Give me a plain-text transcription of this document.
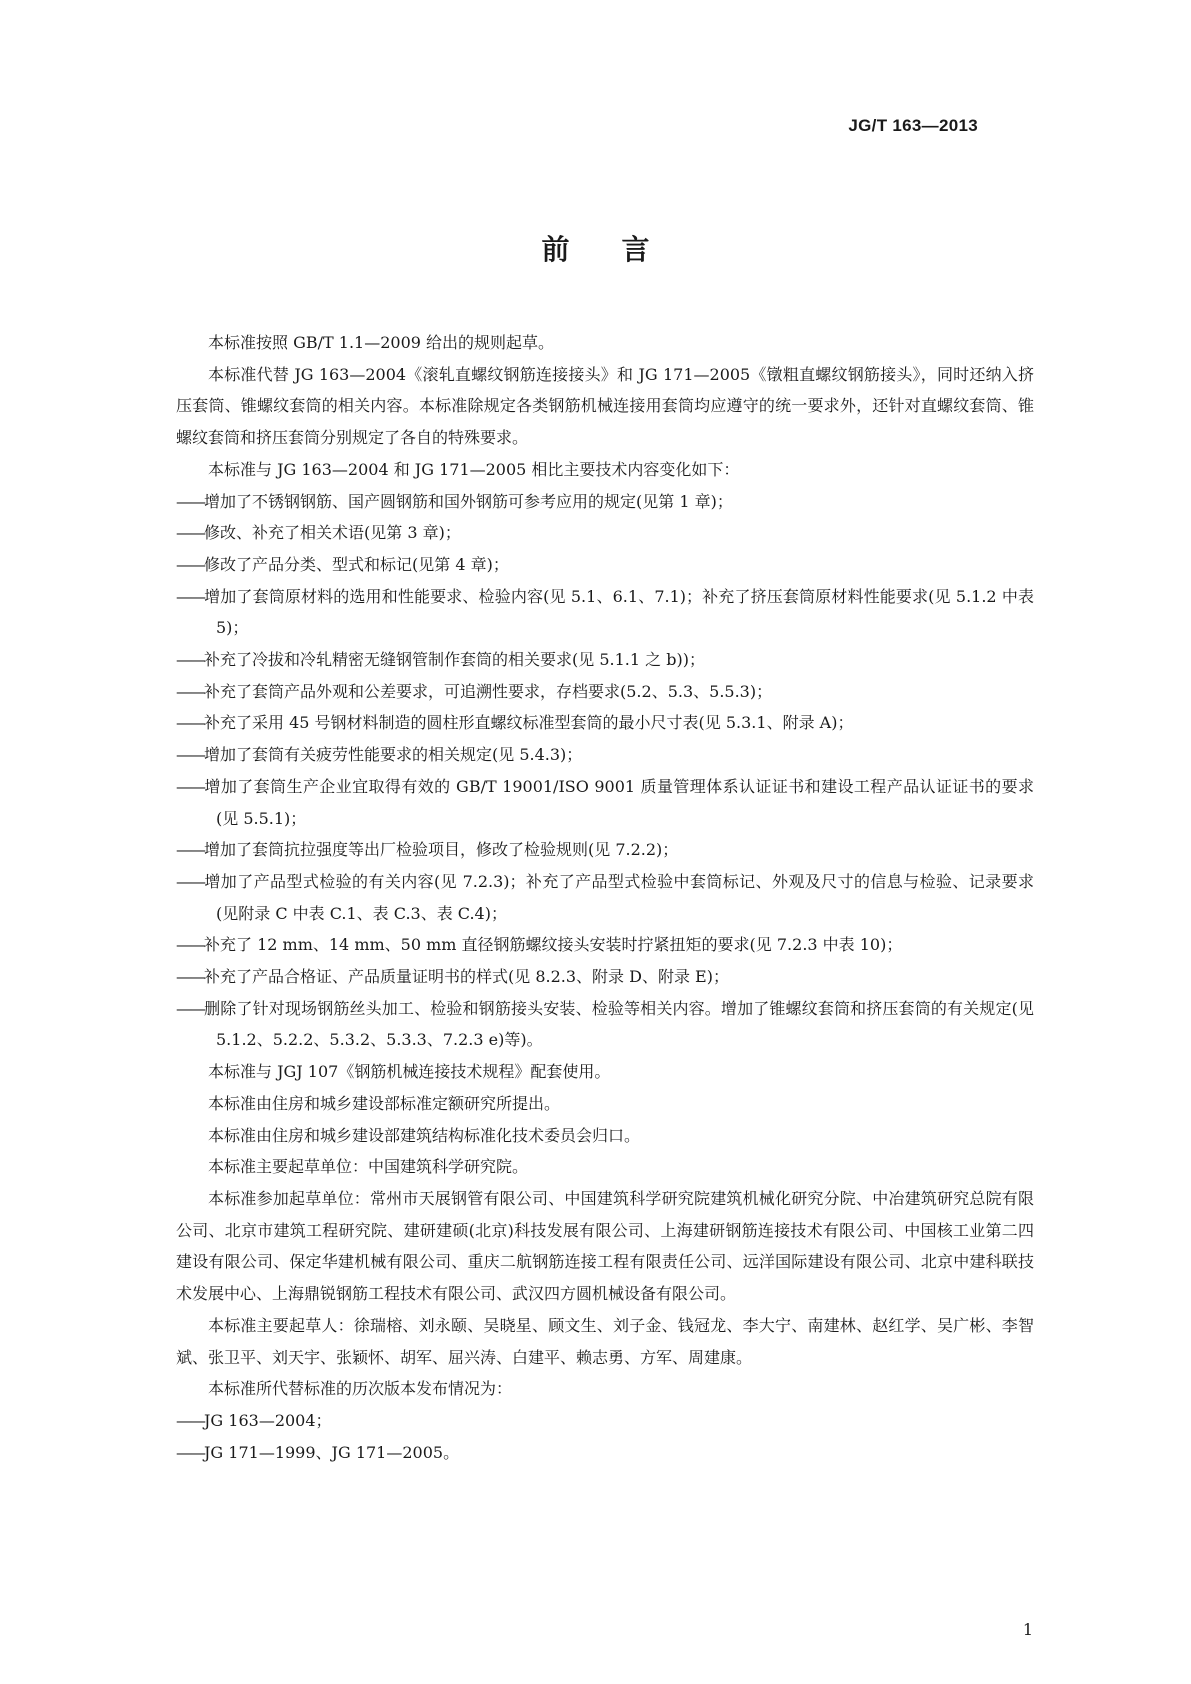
JG/T 163—2013
前言

本标准按照 GB/T 1.1—2009 给出的规则起草。

本标准代替 JG 163—2004《滚轧直螺纹钢筋连接接头》和 JG 171—2005《镦粗直螺纹钢筋接头》，同时还纳入挤压套筒、锥螺纹套筒的相关内容。本标准除规定各类钢筋机械连接用套筒均应遵守的统一要求外，还针对直螺纹套筒、锥螺纹套筒和挤压套筒分别规定了各自的特殊要求。

本标准与 JG 163—2004 和 JG 171—2005 相比主要技术内容变化如下：

——增加了不锈钢钢筋、国产圆钢筋和国外钢筋可参考应用的规定(见第 1 章)；

——修改、补充了相关术语(见第 3 章)；

——修改了产品分类、型式和标记(见第 4 章)；

——增加了套筒原材料的选用和性能要求、检验内容(见 5.1、6.1、7.1)；补充了挤压套筒原材料性能要求(见 5.1.2 中表 5)；

——补充了冷拔和冷轧精密无缝钢管制作套筒的相关要求(见 5.1.1 之 b))；

——补充了套筒产品外观和公差要求，可追溯性要求，存档要求(5.2、5.3、5.5.3)；

——补充了采用 45 号钢材料制造的圆柱形直螺纹标准型套筒的最小尺寸表(见 5.3.1、附录 A)；

——增加了套筒有关疲劳性能要求的相关规定(见 5.4.3)；

——增加了套筒生产企业宜取得有效的 GB/T 19001/ISO 9001 质量管理体系认证证书和建设工程产品认证证书的要求(见 5.5.1)；

——增加了套筒抗拉强度等出厂检验项目，修改了检验规则(见 7.2.2)；

——增加了产品型式检验的有关内容(见 7.2.3)；补充了产品型式检验中套筒标记、外观及尺寸的信息与检验、记录要求(见附录 C 中表 C.1、表 C.3、表 C.4)；

——补充了 12 mm、14 mm、50 mm 直径钢筋螺纹接头安装时拧紧扭矩的要求(见 7.2.3 中表 10)；

——补充了产品合格证、产品质量证明书的样式(见 8.2.3、附录 D、附录 E)；

——删除了针对现场钢筋丝头加工、检验和钢筋接头安装、检验等相关内容。增加了锥螺纹套筒和挤压套筒的有关规定(见 5.1.2、5.2.2、5.3.2、5.3.3、7.2.3 e)等)。

本标准与 JGJ 107《钢筋机械连接技术规程》配套使用。

本标准由住房和城乡建设部标准定额研究所提出。

本标准由住房和城乡建设部建筑结构标准化技术委员会归口。

本标准主要起草单位：中国建筑科学研究院。

本标准参加起草单位：常州市天展钢管有限公司、中国建筑科学研究院建筑机械化研究分院、中冶建筑研究总院有限公司、北京市建筑工程研究院、建研建硕(北京)科技发展有限公司、上海建研钢筋连接技术有限公司、中国核工业第二四建设有限公司、保定华建机械有限公司、重庆二航钢筋连接工程有限责任公司、远洋国际建设有限公司、北京中建科联技术发展中心、上海鼎锐钢筋工程技术有限公司、武汉四方圆机械设备有限公司。

本标准主要起草人：徐瑞榕、刘永颐、吴晓星、顾文生、刘子金、钱冠龙、李大宁、南建林、赵红学、吴广彬、李智斌、张卫平、刘天宇、张颖怀、胡军、屈兴涛、白建平、赖志勇、方军、周建康。

本标准所代替标准的历次版本发布情况为：

——JG 163—2004；

——JG 171—1999、JG 171—2005。

1
